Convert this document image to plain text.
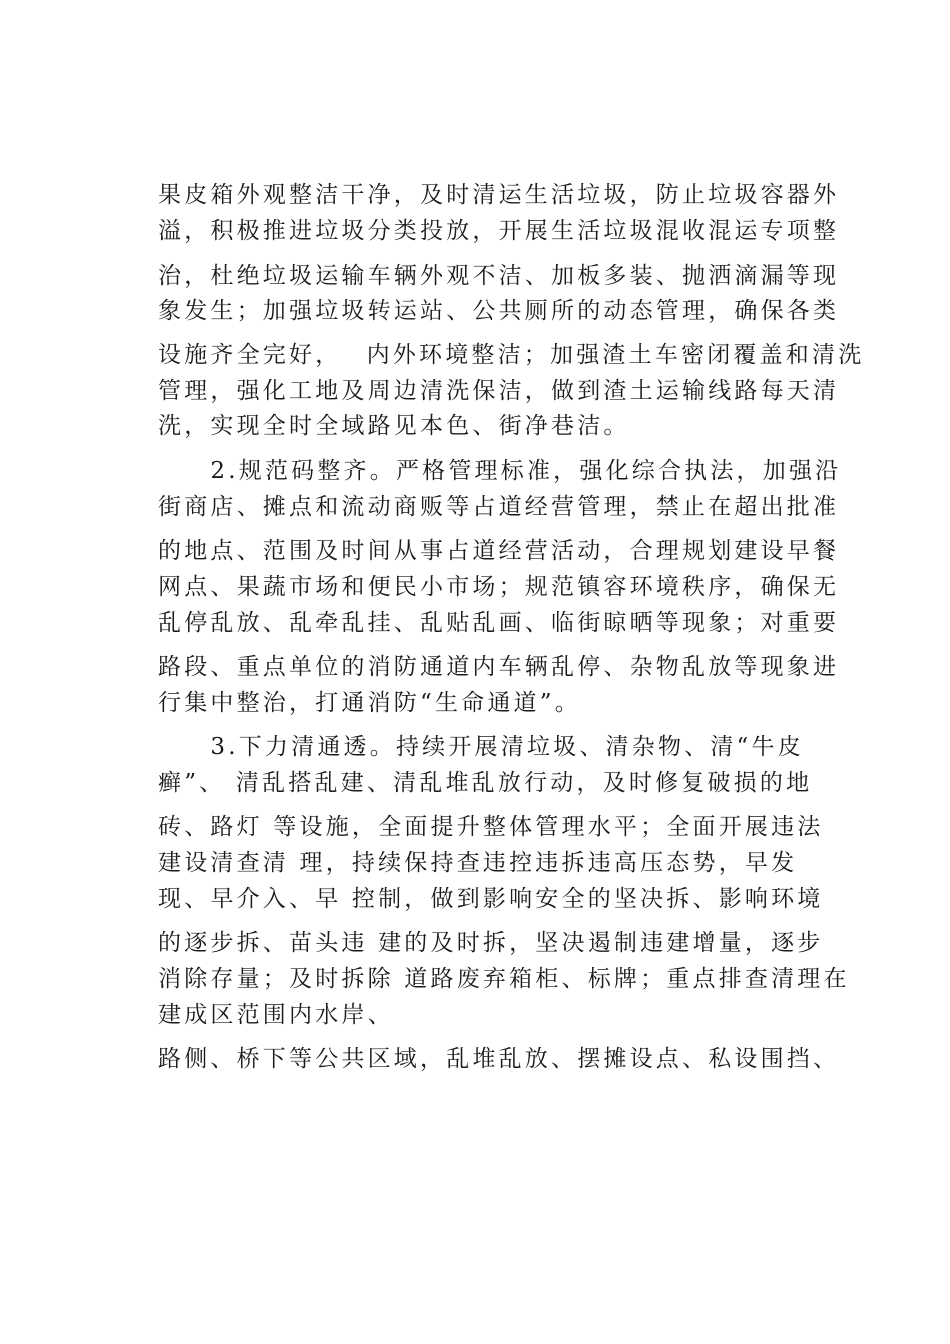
果皮箱外观整洁干净，及时清运生活垃圾，防止垃圾容器外
溢，积极推进垃圾分类投放，开展生活垃圾混收混运专项整
治，杜绝垃圾运输车辆外观不洁、加板多装、抛洒滴漏等现
象发生；加强垃圾转运站、公共厕所的动态管理，确保各类
设施齐全完好，　 内外环境整洁；加强渣土车密闭覆盖和清洗
管理，强化工地及周边清洗保洁，做到渣土运输线路每天清
洗，实现全时全域路见本色、街净巷洁。
　　2.规范码整齐。严格管理标准，强化综合执法，加强沿
街商店、摊点和流动商贩等占道经营管理，禁止在超出批准
的地点、范围及时间从事占道经营活动，合理规划建设早餐
网点、果蔬市场和便民小市场；规范镇容环境秩序，确保无
乱停乱放、乱牵乱挂、乱贴乱画、临街晾晒等现象；对重要
路段、重点单位的消防通道内车辆乱停、杂物乱放等现象进
行集中整治，打通消防“生命通道”。
　　3.下力清通透。持续开展清垃圾、清杂物、清“牛皮
癣”、 清乱搭乱建、清乱堆乱放行动，及时修复破损的地
砖、路灯 等设施，全面提升整体管理水平；全面开展违法
建设清查清 理，持续保持查违控违拆违高压态势，早发
现、早介入、早 控制，做到影响安全的坚决拆、影响环境
的逐步拆、苗头违 建的及时拆，坚决遏制违建增量，逐步
消除存量；及时拆除 道路废弃箱柜、标牌；重点排查清理在
建成区范围内水岸、
路侧、桥下等公共区域，乱堆乱放、摆摊设点、私设围挡、
